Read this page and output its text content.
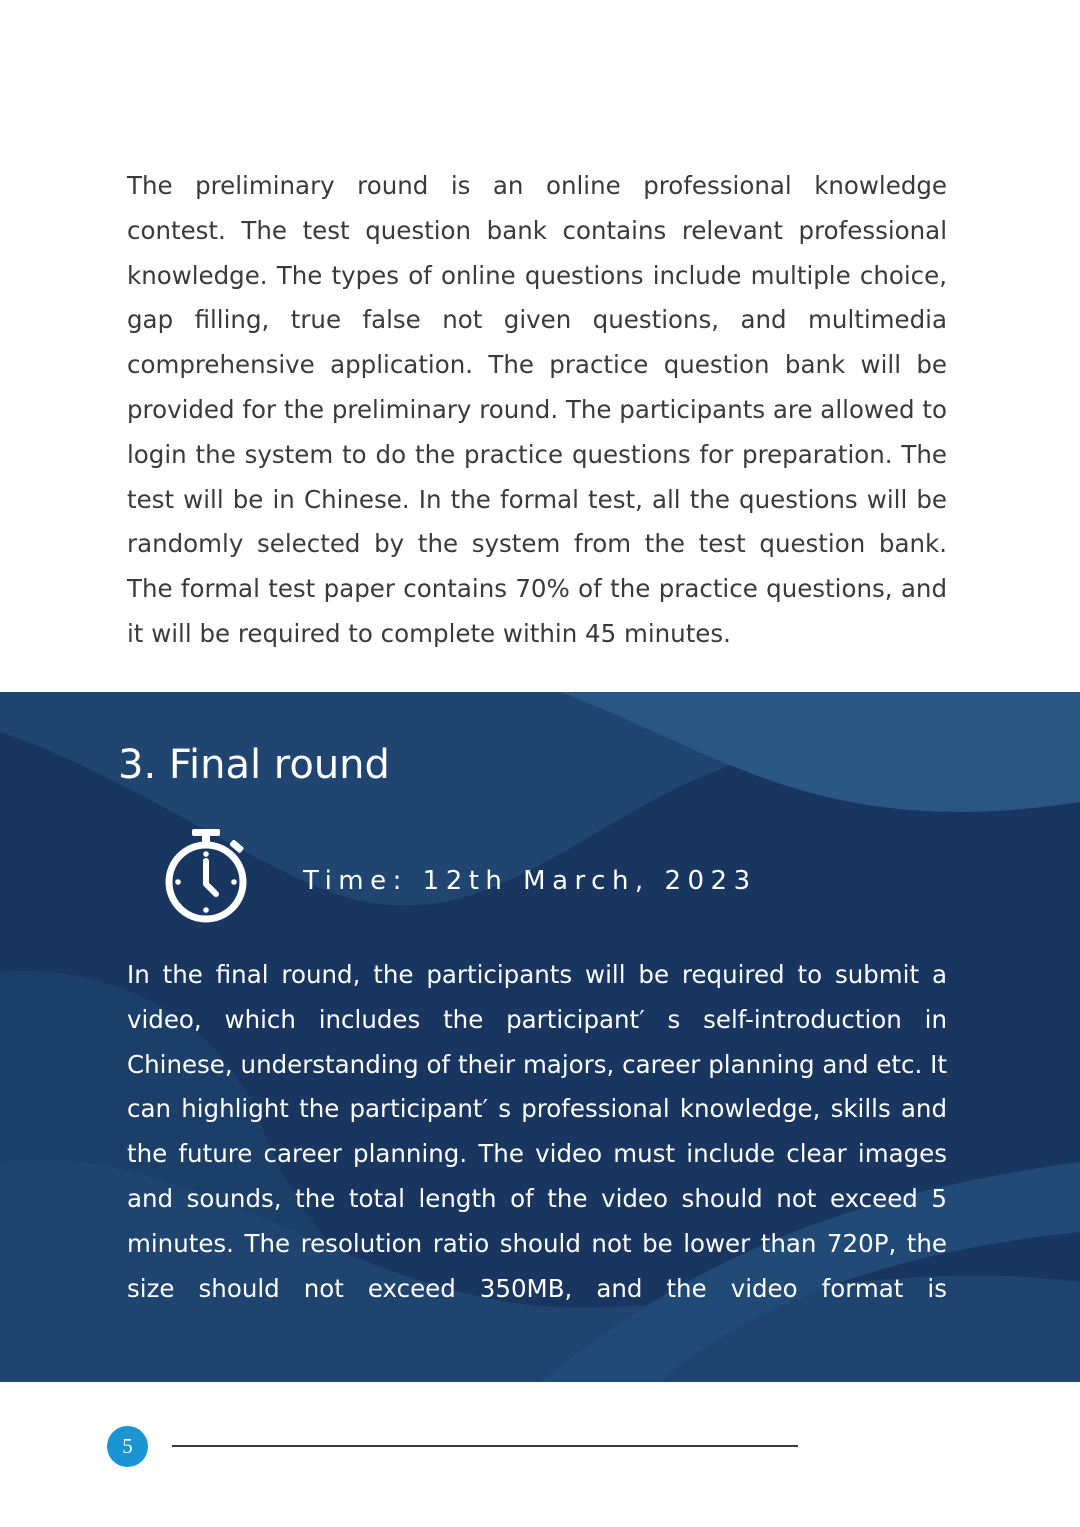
The preliminary round is an online professional knowledge contest. The test question bank contains relevant professional knowledge. The types of online questions include multiple choice, gap filling, true false not given questions, and multimedia comprehensive application. The practice question bank will be provided for the preliminary round. The participants are allowed to login the system to do the practice questions for preparation. The test will be in Chinese. In the formal test, all the questions will be randomly selected by the system from the test question bank. The formal test paper contains 70% of the practice questions, and it will be required to complete within 45 minutes.

3. Final round
Time: 12th March, 2023

In the final round, the participants will be required to submit a video, which includes the participant′ s self-introduction in Chinese, understanding of their majors, career planning and etc. It can highlight the participant′ s professional knowledge, skills and the future career planning. The video must include clear images and sounds, the total length of the video should not exceed 5 minutes. The resolution ratio should not be lower than 720P, the size should not exceed 350MB, and the video format is

5
